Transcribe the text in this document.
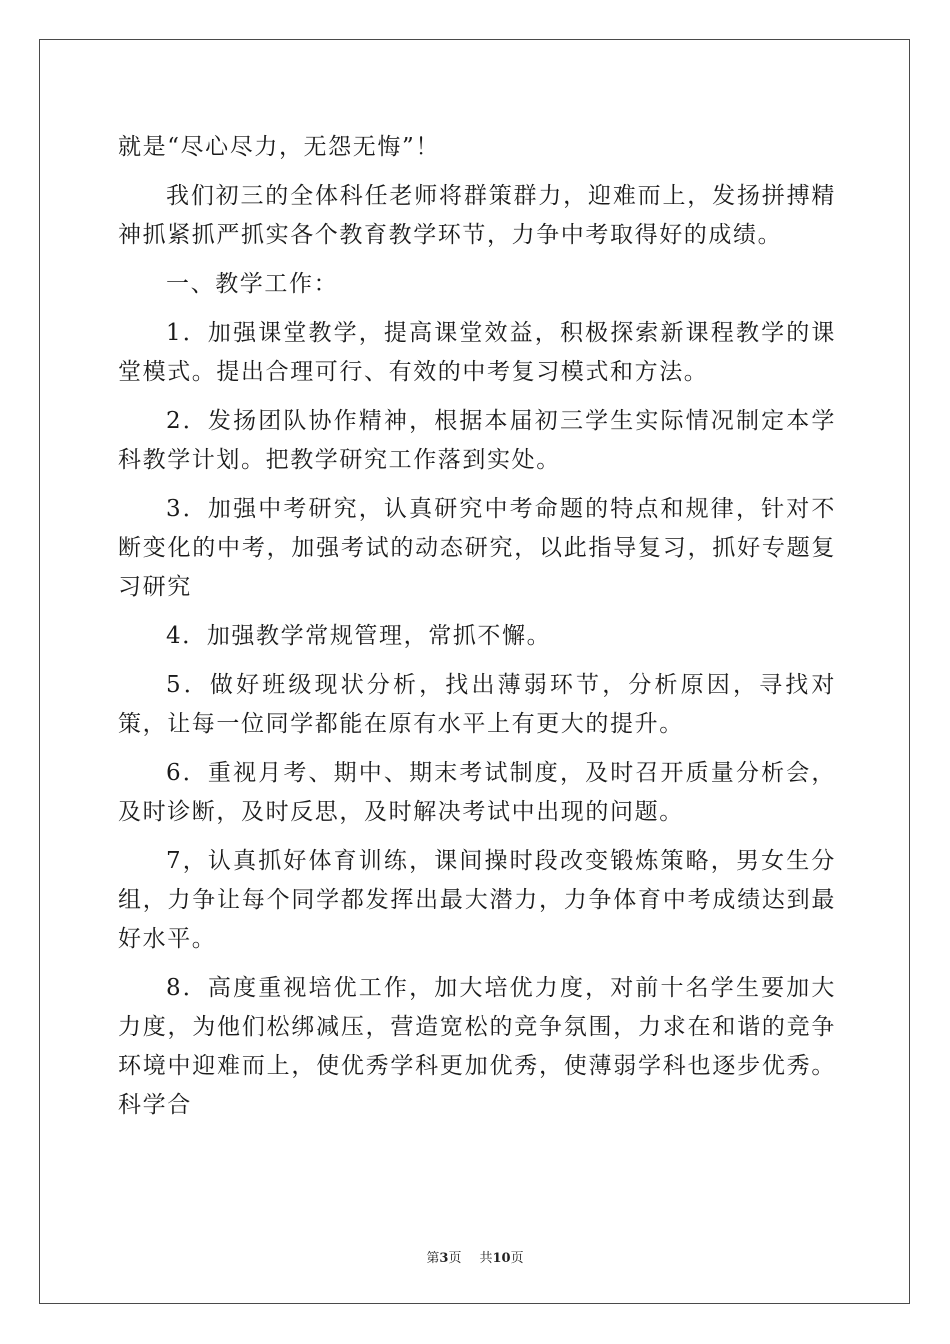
就是“尽心尽力，无怨无悔”！

我们初三的全体科任老师将群策群力，迎难而上，发扬拼搏精神抓紧抓严抓实各个教育教学环节，力争中考取得好的成绩。

一、教学工作：

1．加强课堂教学，提高课堂效益，积极探索新课程教学的课堂模式。提出合理可行、有效的中考复习模式和方法。

2．发扬团队协作精神，根据本届初三学生实际情况制定本学科教学计划。把教学研究工作落到实处。

3．加强中考研究，认真研究中考命题的特点和规律，针对不断变化的中考，加强考试的动态研究，以此指导复习，抓好专题复习研究

4．加强教学常规管理，常抓不懈。

5．做好班级现状分析，找出薄弱环节，分析原因，寻找对策，让每一位同学都能在原有水平上有更大的提升。

6．重视月考、期中、期末考试制度，及时召开质量分析会，及时诊断，及时反思，及时解决考试中出现的问题。

7，认真抓好体育训练，课间操时段改变锻炼策略，男女生分组，力争让每个同学都发挥出最大潜力，力争体育中考成绩达到最好水平。

8．高度重视培优工作，加大培优力度，对前十名学生要加大力度，为他们松绑减压，营造宽松的竞争氛围，力求在和谐的竞争环境中迎难而上，使优秀学科更加优秀，使薄弱学科也逐步优秀。科学合

第3页 共10页
